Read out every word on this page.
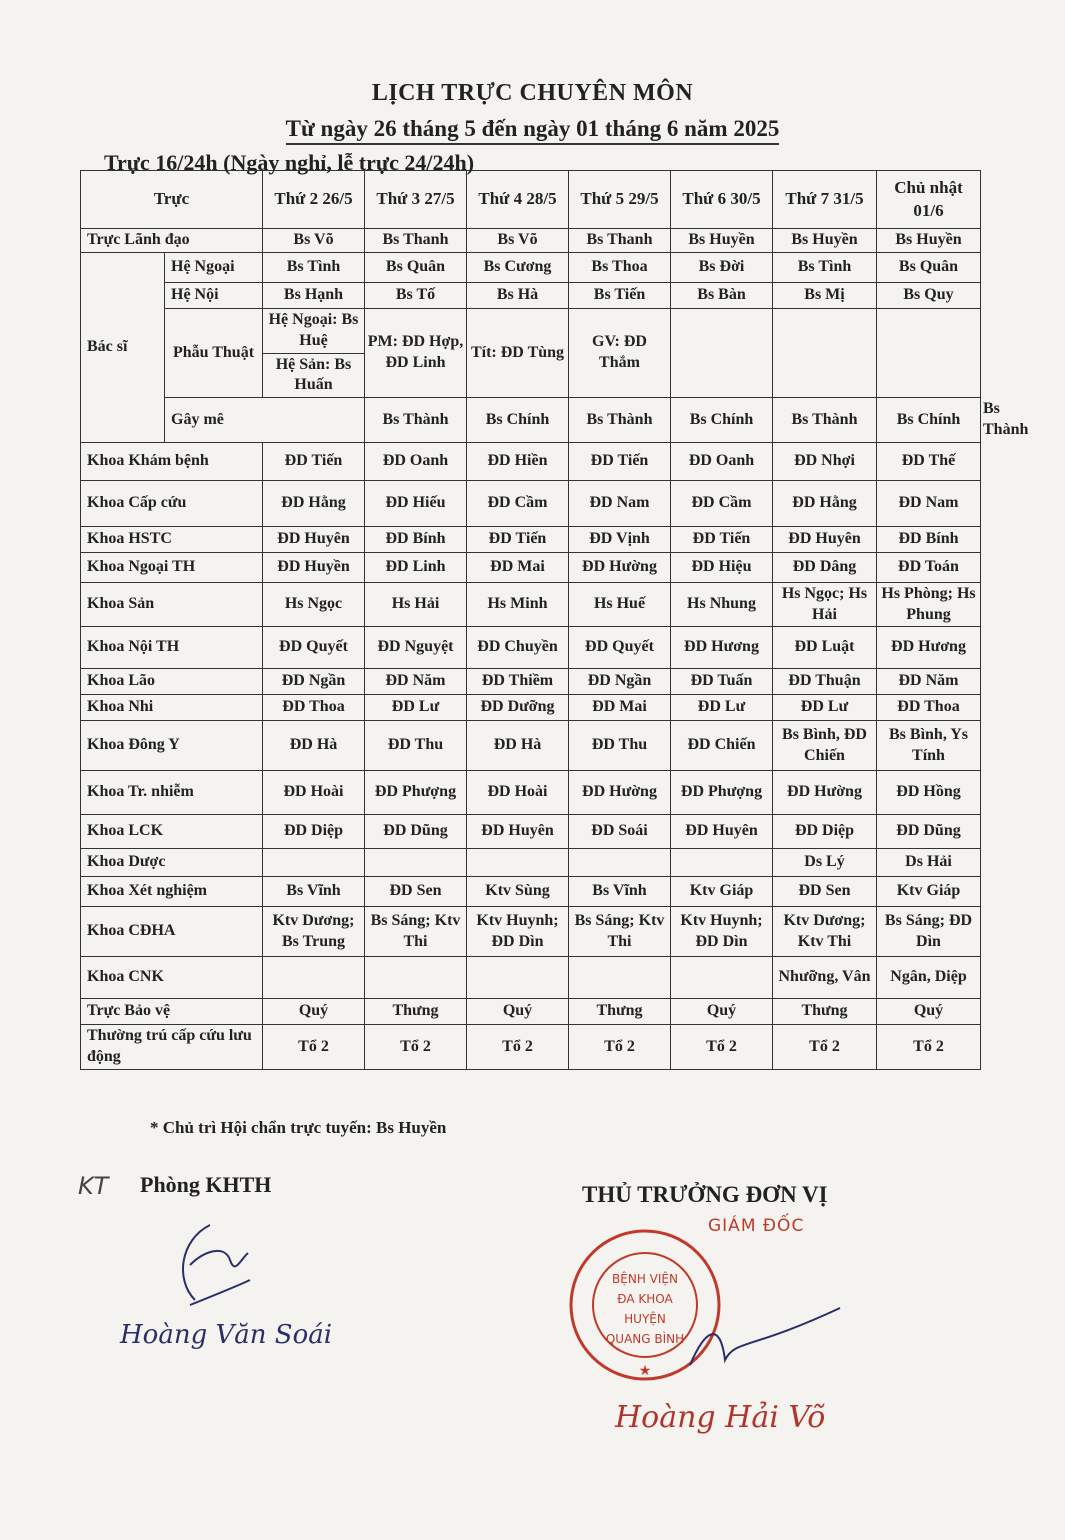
LỊCH TRỰC CHUYÊN MÔN
Từ ngày 26 tháng 5 đến ngày 01 tháng 6 năm 2025
Trực 16/24h (Ngày nghỉ, lễ trực 24/24h)
Trực		Thứ 2 26/5	Thứ 3 27/5	Thứ 4 28/5	Thứ 5 29/5	Thứ 6 30/5	Thứ 7 31/5	Chủ nhật 01/6	
Trực Lãnh đạo		Bs Võ	Bs Thanh	Bs Võ	Bs Thanh	Bs Huyền	Bs Huyền	Bs Huyền	
Bác sĩ	Hệ Ngoại	Bs Tình	Bs Quân	Bs Cương	Bs Thoa	Bs Đời	Bs Tình	Bs Quân	
	Hệ Nội	Bs Hạnh	Bs Tố	Bs Hà	Bs Tiến	Bs Bàn	Bs Mị	Bs Quy	
	Phẫu Thuật	Hệ Ngoại: Bs Huệ	PM: ĐD Hợp, ĐD Linh	Tít: ĐD Tùng	GV: ĐD Thắm				
		Hệ Sản: Bs Huấn							
	Gây mê		Bs Thành	Bs Chính	Bs Thành	Bs Chính	Bs Thành	Bs Chính	Bs Thành
Khoa Khám bệnh		ĐD Tiến	ĐD Oanh	ĐD Hiền	ĐD Tiến	ĐD Oanh	ĐD Nhợi	ĐD Thế	
Khoa Cấp cứu		ĐD Hằng	ĐD Hiếu	ĐD Cầm	ĐD Nam	ĐD Cầm	ĐD Hằng	ĐD Nam	
Khoa HSTC		ĐD Huyên	ĐD Bính	ĐD Tiến	ĐD Vịnh	ĐD Tiến	ĐD Huyên	ĐD Bính	
Khoa Ngoại TH		ĐD Huyền	ĐD Linh	ĐD Mai	ĐD Hường	ĐD Hiệu	ĐD Dâng	ĐD Toán	
Khoa Sản		Hs Ngọc	Hs Hải	Hs Minh	Hs Huế	Hs Nhung	Hs Ngọc; Hs Hải	Hs Phòng; Hs Phung	
Khoa Nội TH		ĐD Quyết	ĐD Nguyệt	ĐD Chuyền	ĐD Quyết	ĐD Hương	ĐD Luật	ĐD Hương	
Khoa Lão		ĐD Ngần	ĐD Năm	ĐD Thiềm	ĐD Ngần	ĐD Tuấn	ĐD Thuận	ĐD Năm	
Khoa Nhi		ĐD Thoa	ĐD Lư	ĐD Dưỡng	ĐD Mai	ĐD Lư	ĐD Lư	ĐD Thoa	
Khoa Đông Y		ĐD Hà	ĐD Thu	ĐD Hà	ĐD Thu	ĐD Chiến	Bs Bình, ĐD Chiến	Bs Bình, Ys Tính	
Khoa Tr. nhiễm		ĐD Hoài	ĐD Phượng	ĐD Hoài	ĐD Hường	ĐD Phượng	ĐD Hường	ĐD Hồng	
Khoa LCK		ĐD Diệp	ĐD Dũng	ĐD Huyên	ĐD Soái	ĐD Huyên	ĐD Diệp	ĐD Dũng	
Khoa Dược							Ds Lý	Ds Hải	
Khoa Xét nghiệm		Bs Vĩnh	ĐD Sen	Ktv Sùng	Bs Vĩnh	Ktv Giáp	ĐD Sen	Ktv Giáp	
Khoa CĐHA		Ktv Dương; Bs Trung	Bs Sáng; Ktv Thi	Ktv Huynh; ĐD Dìn	Bs Sáng; Ktv Thi	Ktv Huynh; ĐD Dìn	Ktv Dương; Ktv Thi	Bs Sáng; ĐD Dìn	
Khoa CNK							Nhưỡng, Vân	Ngân, Diệp	
Trực Bảo vệ		Quý	Thưng	Quý	Thưng	Quý	Thưng	Quý	
Thường trú cấp cứu lưu động		Tổ 2	Tổ 2	Tổ 2	Tổ 2	Tổ 2	Tổ 2	Tổ 2	

* Chủ trì Hội chẩn trực tuyến: Bs Huyền
KT Phòng KHTH
Hoàng Văn Soái
THỦ TRƯỞNG ĐƠN VỊ
GIÁM ĐỐC
BỆNH VIỆN
ĐA KHOA
HUYỆN
QUANG BÌNH
★
Hoàng Hải Võ
